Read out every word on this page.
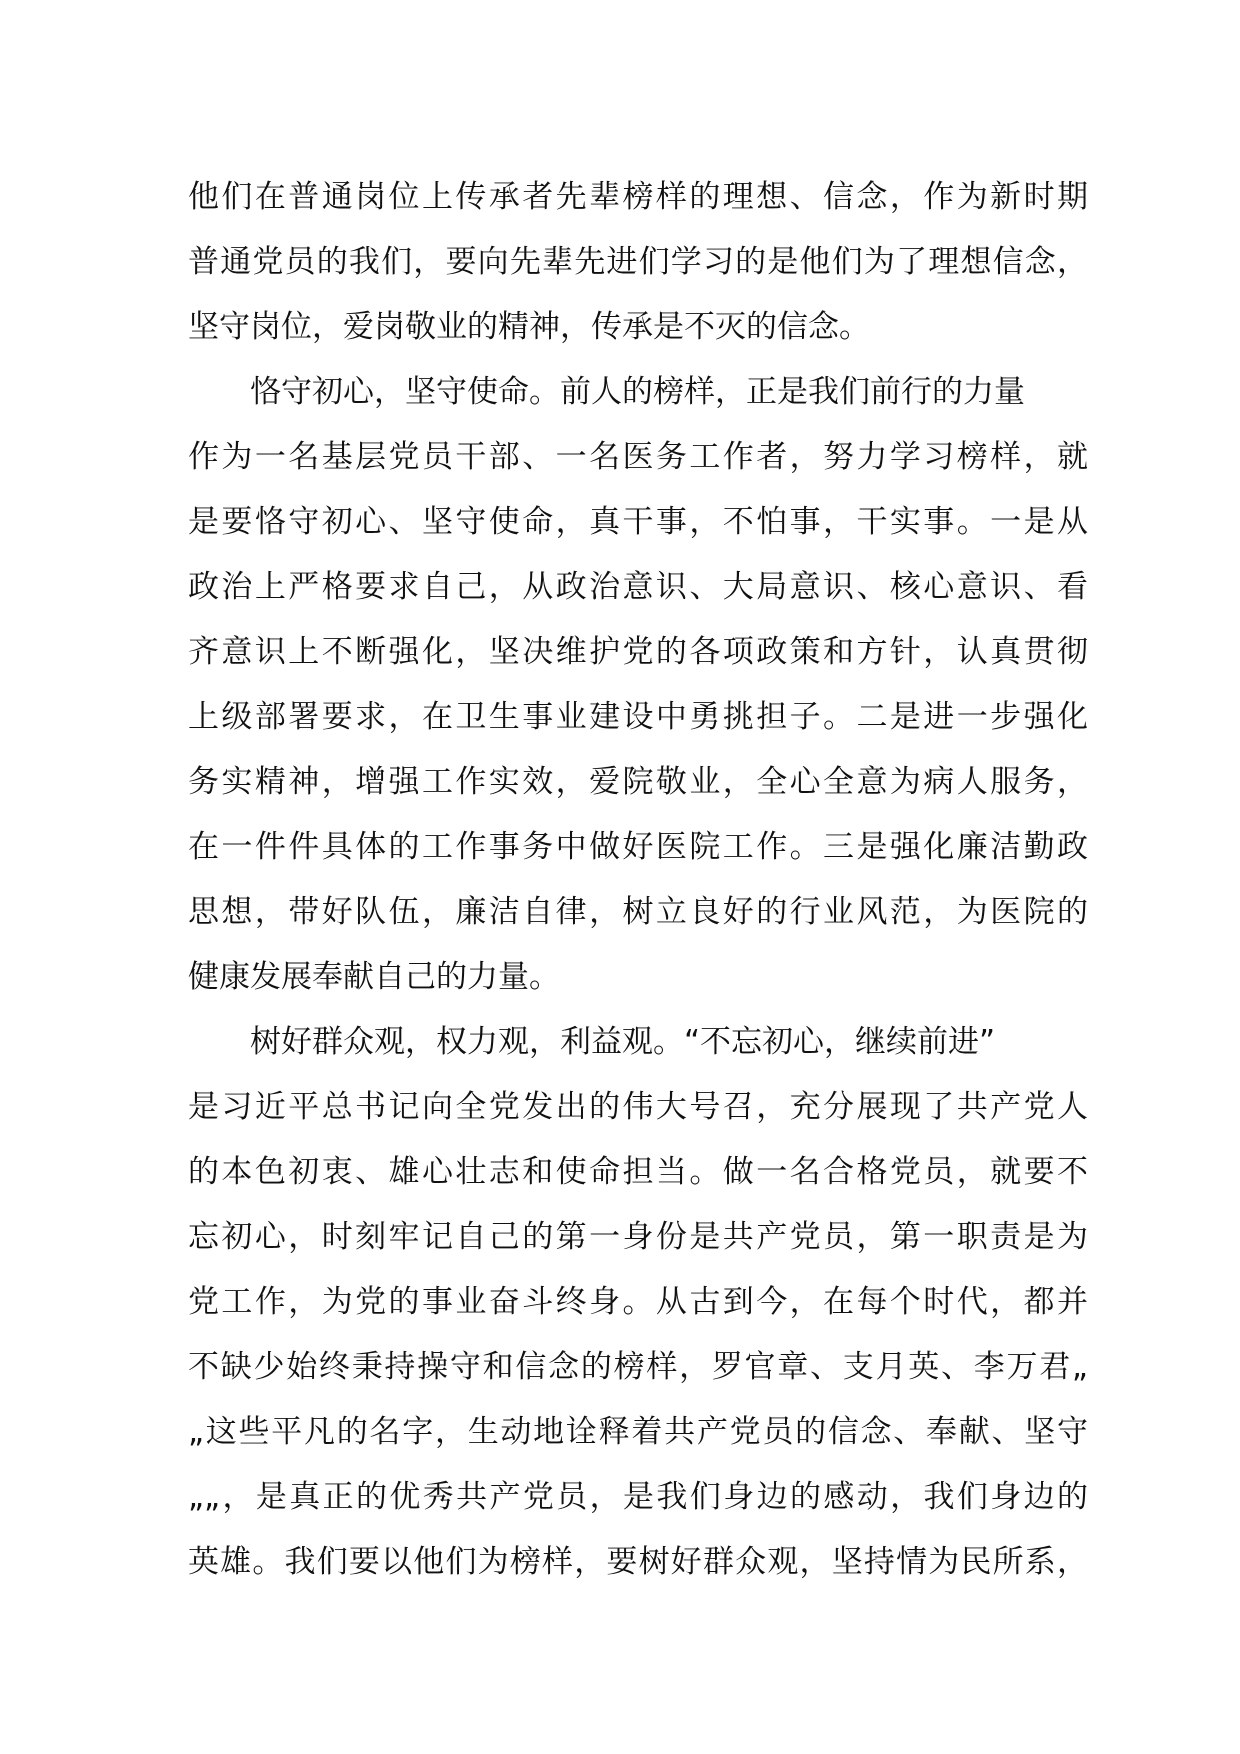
他们在普通岗位上传承者先辈榜样的理想、信念，作为新时期
普通党员的我们，要向先辈先进们学习的是他们为了理想信念，
坚守岗位，爱岗敬业的精神，传承是不灭的信念。
恪守初心，坚守使命。前人的榜样，正是我们前行的力量
作为一名基层党员干部、一名医务工作者，努力学习榜样，就
是要恪守初心、坚守使命，真干事，不怕事，干实事。一是从
政治上严格要求自己，从政治意识、大局意识、核心意识、看
齐意识上不断强化，坚决维护党的各项政策和方针，认真贯彻
上级部署要求，在卫生事业建设中勇挑担子。二是进一步强化
务实精神，增强工作实效，爱院敬业，全心全意为病人服务，
在一件件具体的工作事务中做好医院工作。三是强化廉洁勤政
思想，带好队伍，廉洁自律，树立良好的行业风范，为医院的
健康发展奉献自己的力量。
树好群众观，权力观，利益观。“不忘初心，继续前进”
是习近平总书记向全党发出的伟大号召，充分展现了共产党人
的本色初衷、雄心壮志和使命担当。做一名合格党员，就要不
忘初心，时刻牢记自己的第一身份是共产党员，第一职责是为
党工作，为党的事业奋斗终身。从古到今，在每个时代，都并
不缺少始终秉持操守和信念的榜样，罗官章、支月英、李万君„
„这些平凡的名字，生动地诠释着共产党员的信念、奉献、坚守
„„，是真正的优秀共产党员，是我们身边的感动，我们身边的
英雄。我们要以他们为榜样，要树好群众观，坚持情为民所系，
